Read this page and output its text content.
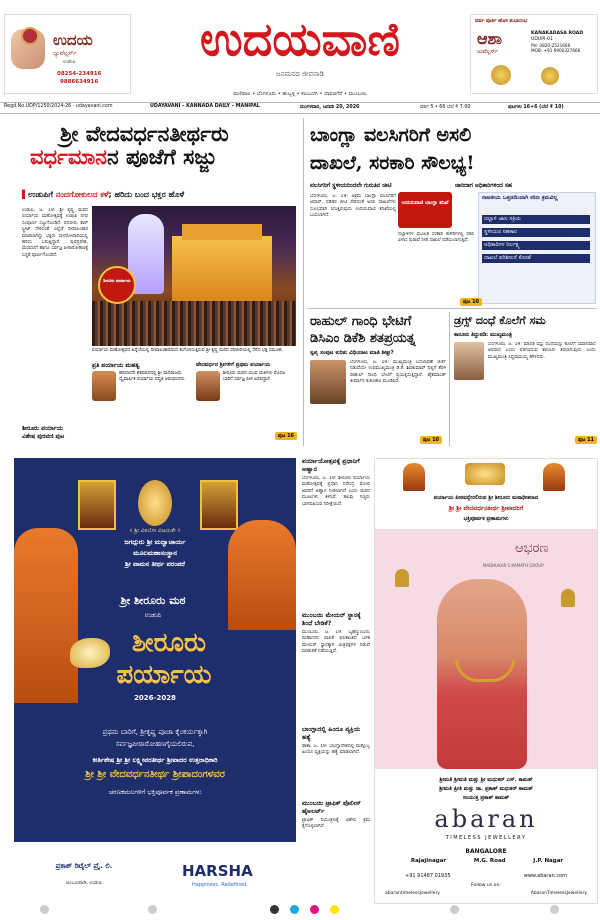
ಉದಯ
ಜ್ಯುವೆಲ್ಲರ್ಸ್
ಉಡುಪಿ
08254-234916
9886634916
ಉದಯವಾಣಿ
ಜನಮನದ ಜೀವನಾಡಿ
ಮಣಿಪಾಲ • ಬೆಂಗಳೂರು • ಹುಬ್ಬಳ್ಳಿ • ಕಲಬುರಗಿ • ದಾವಣಗೆರೆ • ಮುಂಬಯಿ
ವರ್ಷ ಪೂರ್ತಿ ಹೊಸ ಶುಭಾರಂಭ
ಆಶಾ
ಜುವೆಲ್ಲರ್ಸ್
KANAKADASA ROAD
UDUPI-01
PH: 0820-2521666
MOB: +91 9900327666
Regd.No.UDP/1250/2024-26 · udayavani.com	UDAYAVANI – KANNADA DAILY – MANIPAL	ಮಂಗಳವಾರ, ಜನವರಿ 20, 2026	ವರ್ಷ 5 • 66 ಬೆಲೆ ₹ 7.00	ಪುಟಗಳು 16+6 (ಬೆಲೆ ₹ 10)
ಶ್ರೀ ವೇದವರ್ಧನತೀರ್ಥರು
ವರ್ಧಮಾನನ ಪೂಜೆಗೆ ಸಜ್ಜು
▌ಉಡುಪಿಗೆ ನಂದಗೋಕುಲದ ಕಳೆ; ಹರಿದು ಬಂದ ಭಕ್ತರ ಹೊಳೆ
ಉಡುಪಿ, ಜ. 19: ಶ್ರೀ ಕೃಷ್ಣ ಮಠದ ಪರ್ಯಾಯ ಮಹೋತ್ಸವಕ್ಕೆ ಉಡುಪಿ ನಗರ ಸಂಪೂರ್ಣ ಸಜ್ಜುಗೊಂಡಿದೆ. ರಥಬೀದಿ, ಕಾರ್ ಸ್ಟ್ರೀಟ್ ಸೇರಿದಂತೆ ಎಲ್ಲೆಡೆ ದೀಪಾಲಂಕಾರ ಮಾಡಲಾಗಿದ್ದು ಭಕ್ತರು ಸಾಗರೋಪಾದಿಯಲ್ಲಿ ಹರಿದು ಬರುತ್ತಿದ್ದಾರೆ. ಪುರಪ್ರವೇಶ, ಮೆರವಣಿಗೆ ಹಾಗೂ ಸರ್ವಜ್ಞ ಪೀಠಾರೋಹಣಕ್ಕೆ ಸಿದ್ಧತೆ ಪೂರ್ಣಗೊಂಡಿದೆ.
ಶೀರೂರು ಪರ್ಯಾಯ
ಪರ್ಯಾಯ ಮಹೋತ್ಸವದ ಹಿನ್ನೆಲೆಯಲ್ಲಿ ದೀಪಾಲಂಕಾರದಿಂದ ಕಂಗೊಳಿಸುತ್ತಿರುವ ಶ್ರೀ ಕೃಷ್ಣ ಮಠದ ರಥಬೀದಿಯಲ್ಲಿ ನೆರೆದ ಭಕ್ತ ಸಮೂಹ.
ಪ್ರತಿ ಪರ್ಯಾಯ ಮಹತ್ವ
ಹದಿನಾರನೇ ಶತಮಾನದಲ್ಲಿ ಶ್ರೀ ವಾದಿರಾಜರು ದ್ವೈವಾರ್ಷಿಕ ಪರ್ಯಾಯ ಪದ್ಧತಿ ಆರಂಭಿಸಿದರು.
ವೇದವರ್ಧನ ಶ್ರೀಗಳಿಗೆ ಪ್ರಥಮ ಪರ್ಯಾಯ
ಶೀರೂರು ಮಠದ ಯುವ ಯತಿಗಳು ಮೊದಲ ಬಾರಿಗೆ ಸರ್ವಜ್ಞ ಪೀಠ ಏರಲಿದ್ದಾರೆ.
ಶೀರೂರು ಪರ್ಯಾಯ
ವಿಶೇಷ ಪುರವಣಿ ಪುಟ	ಪುಟ 16
ಬಾಂಗ್ಲಾ ವಲಸಿಗರಿಗೆ ಅಸಲಿ
ದಾಖಲೆ, ಸರಕಾರಿ ಸೌಲಭ್ಯ!
ವಲಸಿಗರಿಗೆ ಸ್ಥಳೀಯರಿಂದಲೇ ಗುರುತಿನ ಚೀಟಿ	ಜಾರಿದಾಗ ಅಧಿಕಾರಿಗಳಿಂದ ಸಹ
ಬೆಂಗಳೂರು, ಜ. 19: ಅಕ್ರಮ ಬಾಂಗ್ಲಾ ವಲಸಿಗರಿಗೆ ಆಧಾರ್, ಪಡಿತರ ಚೀಟಿ ಸೇರಿದಂತೆ ಅಸಲಿ ದಾಖಲೆಗಳು ಸುಲಭವಾಗಿ ಸಿಗುತ್ತಿರುವುದು ಉದಯವಾಣಿ ತನಿಖೆಯಲ್ಲಿ ಬಯಲಾಗಿದೆ.
ಉದಯವಾಣಿ ಬಾಂಗ್ಲಾ ತನಿಖೆ
ದಲ್ಲಾಳಿಗಳ ಮೂಲಕ ಸರಕಾರಿ ಕಚೇರಿಗಳಲ್ಲಿ ನಕಲಿ ವಿಳಾಸ ಪುರಾವೆ ನೀಡಿ ದಾಖಲೆ ಪಡೆಯಲಾಗುತ್ತಿದೆ.
ರಾಜಕೀಯ ಒತ್ತಡದಿಂದಾಗಿ ಕಠಿಣ ಕ್ರಮವಿಲ್ಲ
ದಲ್ಲಾಳಿ ಜಾಲ ಸಕ್ರಿಯ
ಸ್ಥಳೀಯರ ಸಹಕಾರ
ಅಧಿಕಾರಿಗಳ ನಿರ್ಲಕ್ಷ್ಯ
ದಾಖಲೆ ಪರಿಶೀಲನೆ ಕೊರತೆ
ಪುಟ 10
ರಾಹುಲ್ ಗಾಂಧಿ ಭೇಟಿಗೆ
ಡಿಸಿಎಂ ಡಿಕೆಶಿ ಶತಪ್ರಯತ್ನ
ಸ್ವಪ್ನ ಸಂಪುಟ ಕುರಿತು ವಿಧಿಯಾಟ ಮಾತಿ ಶೀಘ್ರ?
ಬೆಂಗಳೂರು, ಜ. 19: ಮುಖ್ಯಮಂತ್ರಿ ಬದಲಾವಣೆ ಚರ್ಚೆ ನಡುವೆಯೇ ಉಪಮುಖ್ಯಮಂತ್ರಿ ಡಿ.ಕೆ. ಶಿವಕುಮಾರ್ ದಿಲ್ಲಿಗೆ ತೆರಳಿ ರಾಹುಲ್ ಗಾಂಧಿ ಭೇಟಿಗೆ ಪ್ರಯತ್ನಿಸುತ್ತಿದ್ದಾರೆ. ಹೈಕಮಾಂಡ್ ತೀರ್ಮಾನ ಕುತೂಹಲ ಮೂಡಿಸಿದೆ.
ಪುಟ 10
ಡ್ರಗ್ಸ್ ದಂಧೆ ಕೊಲೆಗೆ ಸಮ
ಕಾನೂನು ತಿದ್ದುಪಡಿ: ಮುಖ್ಯಮಂತ್ರಿ
ಬೆಂಗಳೂರು, ಜ. 19: ಮಾದಕ ವಸ್ತು ದಂಧೆಯನ್ನು ಕೊಲೆಗೆ ಸಮಾನವಾದ ಅಪರಾಧ ಎಂದು ಪರಿಗಣಿಸುವ ಕಾನೂನು ತರಲಾಗುವುದು ಎಂದು ಮುಖ್ಯಮಂತ್ರಿ ಸಿದ್ದರಾಮಯ್ಯ ಹೇಳಿದರು.
ಪುಟ 11
॥ ಶ್ರೀ ವಿಠಲೋ ವಿಜಯತೇ ॥
ಜಗದ್ಗುರು ಶ್ರೀ ಮಧ್ವಾಚಾರ್ಯ
ಮೂಲಮಹಾಸಂಸ್ಥಾನ
ಶ್ರೀ ವಾಮನ ತೀರ್ಥ ಪರಂಪರೆ
ಶ್ರೀ ಶೀರೂರು ಮಠ
ಉಡುಪಿ
ಶೀರೂರು
ಪರ್ಯಾಯ
2026-2028
ಪ್ರಥಮ ಬಾರಿಗೆ, ಶ್ರೀಕೃಷ್ಣ ಪೂಜಾ ಕೈಂಕರ್ಯಕ್ಕಾಗಿ
ಸರ್ವಜ್ಞಪೀಠಾರೋಹಣಗೈಯಲಿರುವ,
ಕೀರ್ತಿಶೇಷ ಶ್ರೀ ಶ್ರೀ ಲಕ್ಷ್ಮೀವರತೀರ್ಥ ಶ್ರೀಪಾದರ ಉತ್ತರಾಧಿಕಾರಿ
ಶ್ರೀ ಶ್ರೀ ವೇದವರ್ಧನತೀರ್ಥ ಶ್ರೀಪಾದಂಗಳವರ
ಚರಣಕಮಲಗಳಿಗೆ ಭಕ್ತಿಪೂರ್ವಕ ಪ್ರಣಾಮಗಳು
ಪ್ರಕಾಶ್ ರಿಟೈಲ್ ಪ್ರೈ. ಲಿ.
ಅಂಬಲಪಾಡಿ, ಉಡುಪಿ
HARSHA
Happiness. Redefined.
ಪರ್ಯಾಯೋತ್ಸವಕ್ಕೆ ಪ್ರಧಾನಿಗೆ ಆಹ್ವಾನ
ಬೆಂಗಳೂರು, ಜ. 19: ಶೀರೂರು ಪರ್ಯಾಯ ಮಹೋತ್ಸವಕ್ಕೆ ಪ್ರಧಾನಿ ನರೇಂದ್ರ ಮೋದಿ ಅವರಿಗೆ ಆಹ್ವಾನ ನೀಡಲಾಗಿದೆ ಎಂದು ಮಠದ ಮೂಲಗಳು ತಿಳಿಸಿವೆ. ಹಲವು ಗಣ್ಯರು ಭಾಗವಹಿಸುವ ನಿರೀಕ್ಷೆಯಿದೆ.
ಮುಂಬಯಿ ಮೇಯರ್ ಸ್ಥಾನಕ್ಕೆ ಶಿಂಧೆ ಬೇಡಿಕೆ?
ಮುಂಬಯಿ, ಜ. 19: ಬೃಹನ್ಮುಂಬಯಿ ಮಹಾನಗರ ಪಾಲಿಕೆ ಫಲಿತಾಂಶದ ಬಳಿಕ ಮೇಯರ್ ಸ್ಥಾನಕ್ಕಾಗಿ ಮಿತ್ರಪಕ್ಷಗಳ ನಡುವೆ ಮಾತುಕತೆ ನಡೆಯುತ್ತಿದೆ.
ಬಾಂಗ್ಲಾದಲ್ಲಿ ಹಿಂದೂ ವ್ಯಕ್ತಿಯ ಹತ್ಯೆ
ಢಾಕಾ, ಜ. 19: ಬಾಂಗ್ಲಾದೇಶದಲ್ಲಿ ಮತ್ತೊಬ್ಬ ಹಿಂದೂ ವ್ಯಕ್ತಿಯನ್ನು ಹತ್ಯೆ ಮಾಡಲಾಗಿದೆ.
ಮುಂಬಯಿ ಟ್ರಾಫಿಕ್ ಪೊಲೀಸ್ ಹೈಅಲರ್ಟ್
ಟ್ರಾಫಿಕ್ ನಿಯಂತ್ರಣಕ್ಕೆ ವಿಶೇಷ ಕ್ರಮ ಕೈಗೊಳ್ಳಲಾಗಿದೆ.
ಪರ್ಯಾಯ ಪೀಠವನ್ನೇರಲಿರುವ ಶ್ರೀ ಶೀರೂರು ಮಠಾಧೀಶರಾದ
ಶ್ರೀ ಶ್ರೀ ವೇದವರ್ಧನತೀರ್ಥ ಶ್ರೀಪಾದರಿಗೆ
ಭಕ್ತಿಪೂರ್ವಕ ಪ್ರಣಾಮಗಳು
ಆಭರಣ
MADHUKAR S KAMATH GROUP
ಶ್ರೀಮತಿ ಶ್ರೀಮತಿ ಮತ್ತು ಶ್ರೀ ಮಧುಕರ್ ಎಸ್. ಕಾಮತ್
ಶ್ರೀಮತಿ ಪ್ರೀತಿ ಮತ್ತು ಡಾ. ಪ್ರಕಾಶ್ ಮಧುಕರ್ ಕಾಮತ್
ಸಂಯುಕ್ತ ಪ್ರಕಾಶ್ ಕಾಮತ್
abaran
TIMELESS JEWELLERY
BANGALORE
Rajajinagar	M.G. Road	J.P. Nagar
+91 91487 01935	www.abaran.com
Follow us on:
abarantimelessjewellery	AbaranTimelessJewellery
